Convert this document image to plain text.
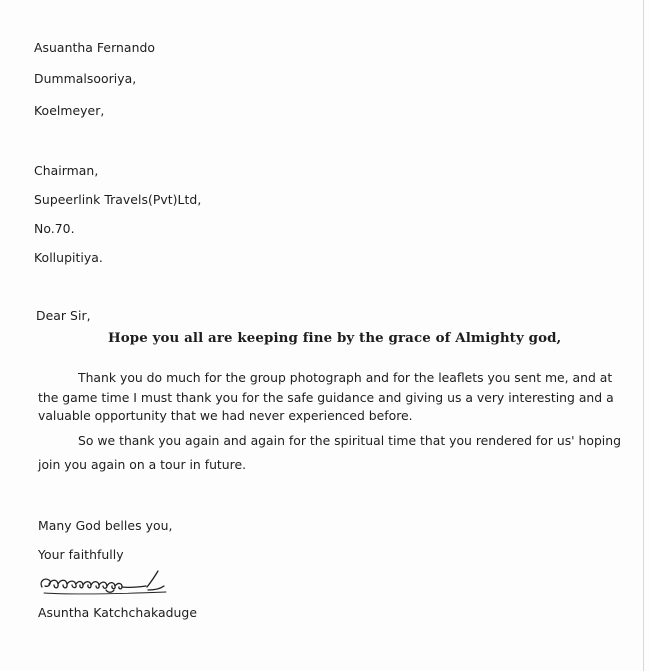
Asuantha Fernando
Dummalsooriya,
Koelmeyer,
Chairman,
Supeerlink Travels(Pvt)Ltd,
No.70.
Kollupitiya.
Dear Sir,
Hope you all are keeping fine by the grace of Almighty god,
Thank you do much for the group photograph and for the leaflets you sent me, and at
the game time I must thank you for the safe guidance and giving us a very interesting and a
valuable opportunity that we had never experienced before.
So we thank you again and again for the spiritual time that you rendered for us' hoping
join you again on a tour in future.
Many God belles you,
Your faithfully
Asuntha Katchchakaduge
